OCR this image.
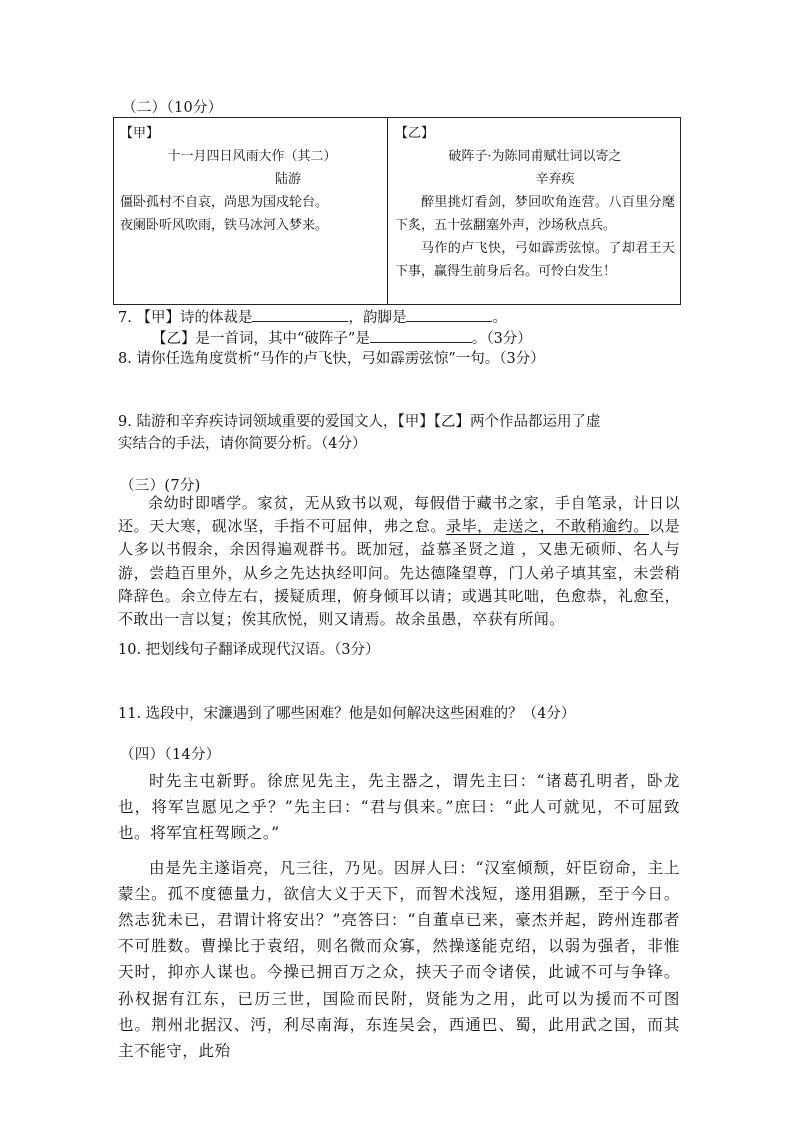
（二）（10分）
【甲】
十一月四日风雨大作（其二）
陆游
僵卧孤村不自哀，尚思为国戍轮台。
夜阑卧听风吹雨，铁马冰河入梦来。
【乙】
破阵子·为陈同甫赋壮词以寄之
辛弃疾
醉里挑灯看剑，梦回吹角连营。八百里分麾下炙，五十弦翻塞外声，沙场秋点兵。
马作的卢飞快，弓如霹雳弦惊。了却君王天下事，赢得生前身后名。可怜白发生！
7. 【甲】诗的体裁是	，韵脚是	。
【乙】是一首词，其中“破阵子”是	。（3分）
8. 请你任选角度赏析“马作的卢飞快，弓如霹雳弦惊”一句。（3分）
9. 陆游和辛弃疾诗词领域重要的爱国文人，【甲】【乙】两个作品都运用了虚
实结合的手法，请你简要分析。（4分）
（三）(7分)

余幼时即嗜学。家贫，无从致书以观，每假借于藏书之家，手自笔录，计日以还。天大寒，砚冰坚，手指不可屈伸，弗之怠。录毕，走送之，不敢稍逾约。以是人多以书假余，余因得遍观群书。既加冠，益慕圣贤之道 ，又患无硕师、名人与游，尝趋百里外，从乡之先达执经叩问。先达德隆望尊，门人弟子填其室，未尝稍降辞色。余立侍左右，援疑质理，俯身倾耳以请；或遇其叱咄，色愈恭，礼愈至，不敢出一言以复；俟其欣悦，则又请焉。故余虽愚，卒获有所闻。

10. 把划线句子翻译成现代汉语。（3分）
11. 选段中，宋濂遇到了哪些困难？他是如何解决这些困难的？（4分）
（四）（14分）

时先主屯新野。徐庶见先主，先主器之，谓先主曰：“诸葛孔明者，卧龙也，将军岂愿见之乎？”先主曰：“君与俱来。”庶曰：“此人可就见，不可屈致也。将军宜枉驾顾之。”

由是先主遂诣亮，凡三往，乃见。因屏人曰：“汉室倾颓，奸臣窃命，主上蒙尘。孤不度德量力，欲信大义于天下，而智术浅短，遂用猖蹶，至于今日。然志犹未已，君谓计将安出？”亮答曰：“自董卓已来，豪杰并起，跨州连郡者不可胜数。曹操比于袁绍，则名微而众寡，然操遂能克绍，以弱为强者，非惟天时，抑亦人谋也。今操已拥百万之众，挟天子而令诸侯，此诚不可与争锋。孙权据有江东，已历三世，国险而民附，贤能为之用，此可以为援而不可图也。荆州北据汉、沔，利尽南海，东连吴会，西通巴、蜀，此用武之国，而其主不能守，此殆
